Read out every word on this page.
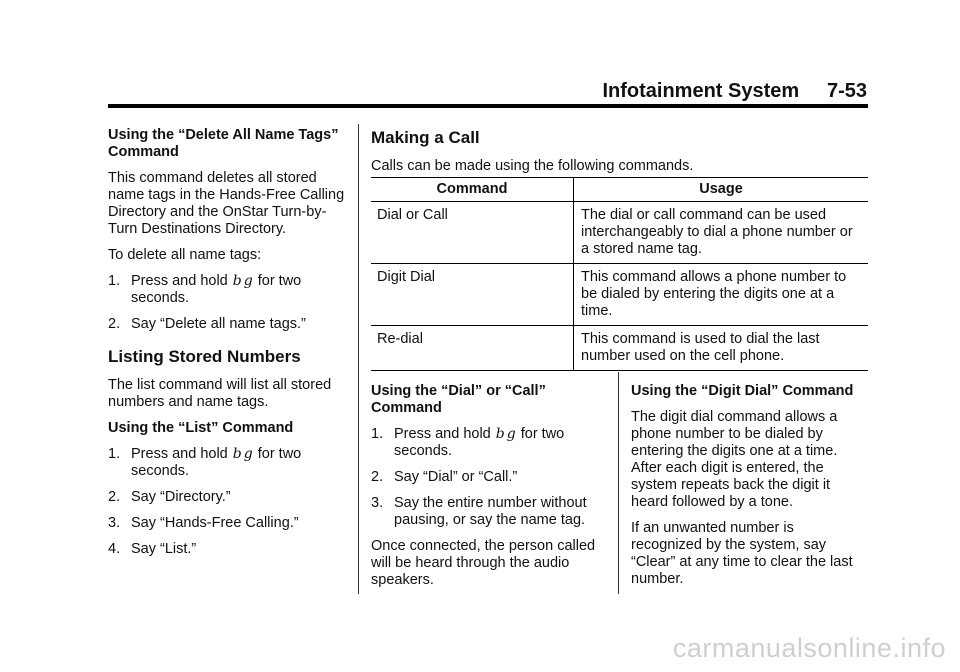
Infotainment System 7-53

Using the “Delete All Name Tags” Command

This command deletes all stored name tags in the Hands-Free Calling Directory and the OnStar Turn-by-Turn Destinations Directory.

To delete all name tags:

1. Press and hold b g for two seconds.
2. Say “Delete all name tags.”
Listing Stored Numbers

The list command will list all stored numbers and name tags.

Using the “List” Command

1. Press and hold b g for two seconds.
2. Say “Directory.”
3. Say “Hands-Free Calling.”
4. Say “List.”
Making a Call

Calls can be made using the following commands.

Command	Usage
Dial or Call	The dial or call command can be used interchangeably to dial a phone number or a stored name tag.
Digit Dial	This command allows a phone number to be dialed by entering the digits one at a time.
Re-dial	This command is used to dial the last number used on the cell phone.

Using the “Dial” or “Call” Command

1. Press and hold b g for two seconds.
2. Say “Dial” or “Call.”
3. Say the entire number without pausing, or say the name tag.

Once connected, the person called will be heard through the audio speakers.

Using the “Digit Dial” Command

The digit dial command allows a phone number to be dialed by entering the digits one at a time. After each digit is entered, the system repeats back the digit it heard followed by a tone.

If an unwanted number is recognized by the system, say “Clear” at any time to clear the last number.

carmanualsonline.info
